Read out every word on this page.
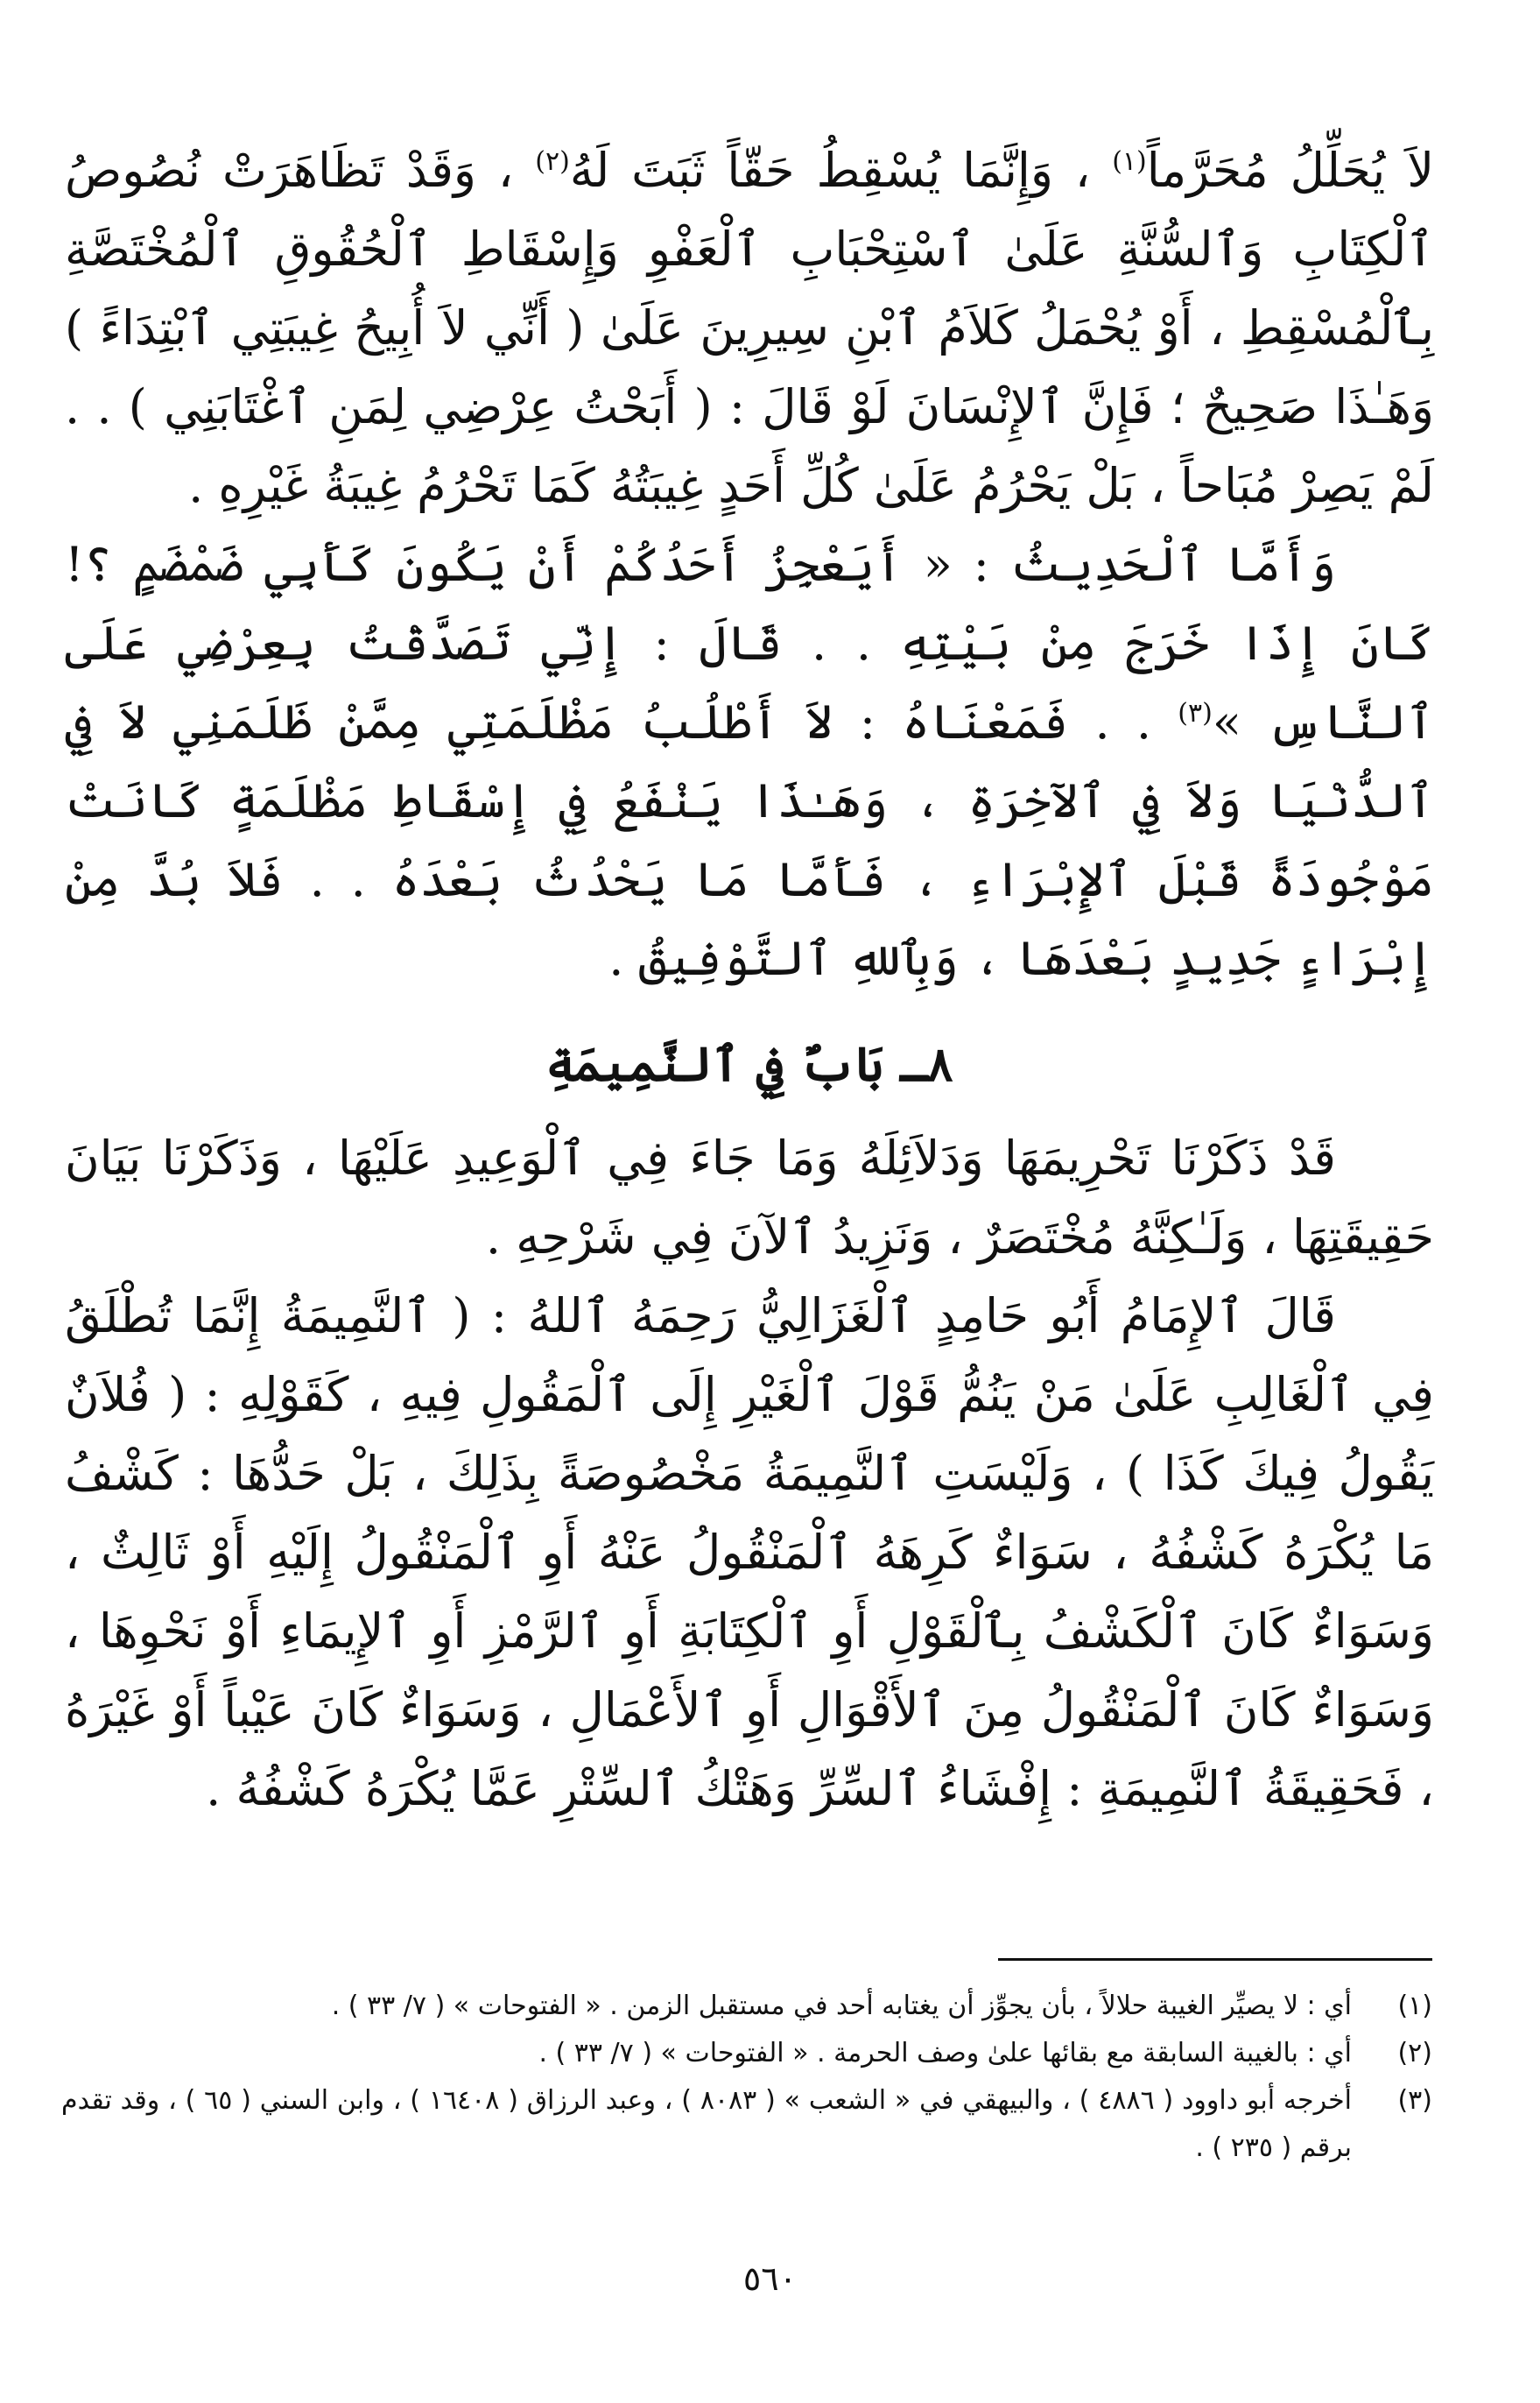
لاَ يُحَلِّلُ مُحَرَّماً$^{(١)}$ ، وَإِنَّمَا يُسْقِطُ حَقّاً ثَبَتَ لَهُ$^{(٢)}$ ، وَقَدْ تَظَاهَرَتْ نُصُوصُ ٱلْكِتَابِ وَٱلسُّنَّةِ عَلَىٰ ٱسْتِحْبَابِ ٱلْعَفْوِ وَإِسْقَاطِ ٱلْحُقُوقِ ٱلْمُخْتَصَّةِ بِٱلْمُسْقِطِ ، أَوْ يُحْمَلُ كَلاَمُ ٱبْنِ سِيرِينَ عَلَىٰ ( أَنِّي لاَ أُبِيحُ غِيبَتِي ٱبْتِدَاءً ) وَهَـٰذَا صَحِيحٌ ؛ فَإِنَّ ٱلإِنْسَانَ لَوْ قَالَ : ( أَبَحْتُ عِرْضِي لِمَنِ ٱغْتَابَنِي ) . . لَمْ يَصِرْ مُبَاحاً ، بَلْ يَحْرُمُ عَلَىٰ كُلِّ أَحَدٍ غِيبَتُهُ كَمَا تَحْرُمُ غِيبَةُ غَيْرِهِ .

وَأَمَّا ٱلْحَدِيثُ : « أَيَعْجِزُ أَحَدُكُمْ أَنْ يَكُونَ كَأَبِي ضَمْضَمٍ ؟! كَانَ إِذَا خَرَجَ مِنْ بَيْتِهِ . . قَالَ : إِنِّي تَصَدَّقْتُ بِعِرْضِي عَلَى ٱلنَّاسِ »$^{(٣)}$ . . فَمَعْنَاهُ : لاَ أَطْلُبُ مَظْلَمَتِي مِمَّنْ ظَلَمَنِي لاَ فِي ٱلدُّنْيَا وَلاَ فِي ٱلآخِرَةِ ، وَهَـٰذَا يَنْفَعُ فِي إِسْقَاطِ مَظْلَمَةٍ كَانَتْ مَوْجُودَةً قَبْلَ ٱلإِبْرَاءِ ، فَأَمَّا مَا يَحْدُثُ بَعْدَهُ . . فَلاَ بُدَّ مِنْ إِبْرَاءٍ جَدِيدٍ بَعْدَهَا ، وَبِٱللهِ ٱلتَّوْفِيقُ .

٨ـ بَابٌ فِي ٱلنَّمِيمَةِ

قَدْ ذَكَرْنَا تَحْرِيمَهَا وَدَلاَئِلَهُ وَمَا جَاءَ فِي ٱلْوَعِيدِ عَلَيْهَا ، وَذَكَرْنَا بَيَانَ حَقِيقَتِهَا ، وَلَـٰكِنَّهُ مُخْتَصَرٌ ، وَنَزِيدُ ٱلآنَ فِي شَرْحِهِ .

قَالَ ٱلإِمَامُ أَبُو حَامِدٍ ٱلْغَزَالِيُّ رَحِمَهُ ٱللهُ : ( ٱلنَّمِيمَةُ إِنَّمَا تُطْلَقُ فِي ٱلْغَالِبِ عَلَىٰ مَنْ يَنُمُّ قَوْلَ ٱلْغَيْرِ إِلَى ٱلْمَقُولِ فِيهِ ، كَقَوْلِهِ : ( فُلاَنٌ يَقُولُ فِيكَ كَذَا ) ، وَلَيْسَتِ ٱلنَّمِيمَةُ مَخْصُوصَةً بِذَلِكَ ، بَلْ حَدُّهَا : كَشْفُ مَا يُكْرَهُ كَشْفُهُ ، سَوَاءٌ كَرِهَهُ ٱلْمَنْقُولُ عَنْهُ أَوِ ٱلْمَنْقُولُ إِلَيْهِ أَوْ ثَالِثٌ ، وَسَوَاءٌ كَانَ ٱلْكَشْفُ بِٱلْقَوْلِ أَوِ ٱلْكِتَابَةِ أَوِ ٱلرَّمْزِ أَوِ ٱلإِيمَاءِ أَوْ نَحْوِهَا ، وَسَوَاءٌ كَانَ ٱلْمَنْقُولُ مِنَ ٱلأَقْوَالِ أَوِ ٱلأَعْمَالِ ، وَسَوَاءٌ كَانَ عَيْباً أَوْ غَيْرَهُ ، فَحَقِيقَةُ ٱلنَّمِيمَةِ : إِفْشَاءُ ٱلسِّرِّ وَهَتْكُ ٱلسِّتْرِ عَمَّا يُكْرَهُ كَشْفُهُ .

(١)
أي : لا يصيِّر الغيبة حلالاً ، بأن يجوِّز أن يغتابه أحد في مستقبل الزمن . « الفتوحات » ( ٧/ ٣٣ ) .
(٢)
أي : بالغيبة السابقة مع بقائها علىٰ وصف الحرمة . « الفتوحات » ( ٧/ ٣٣ ) .
(٣)
أخرجه أبو داوود ( ٤٨٨٦ ) ، والبيهقي في « الشعب » ( ٨٠٨٣ ) ، وعبد الرزاق ( ١٦٤٠٨ ) ، وابن السني ( ٦٥ ) ، وقد تقدم برقم ( ٢٣٥ ) .
٥٦٠
